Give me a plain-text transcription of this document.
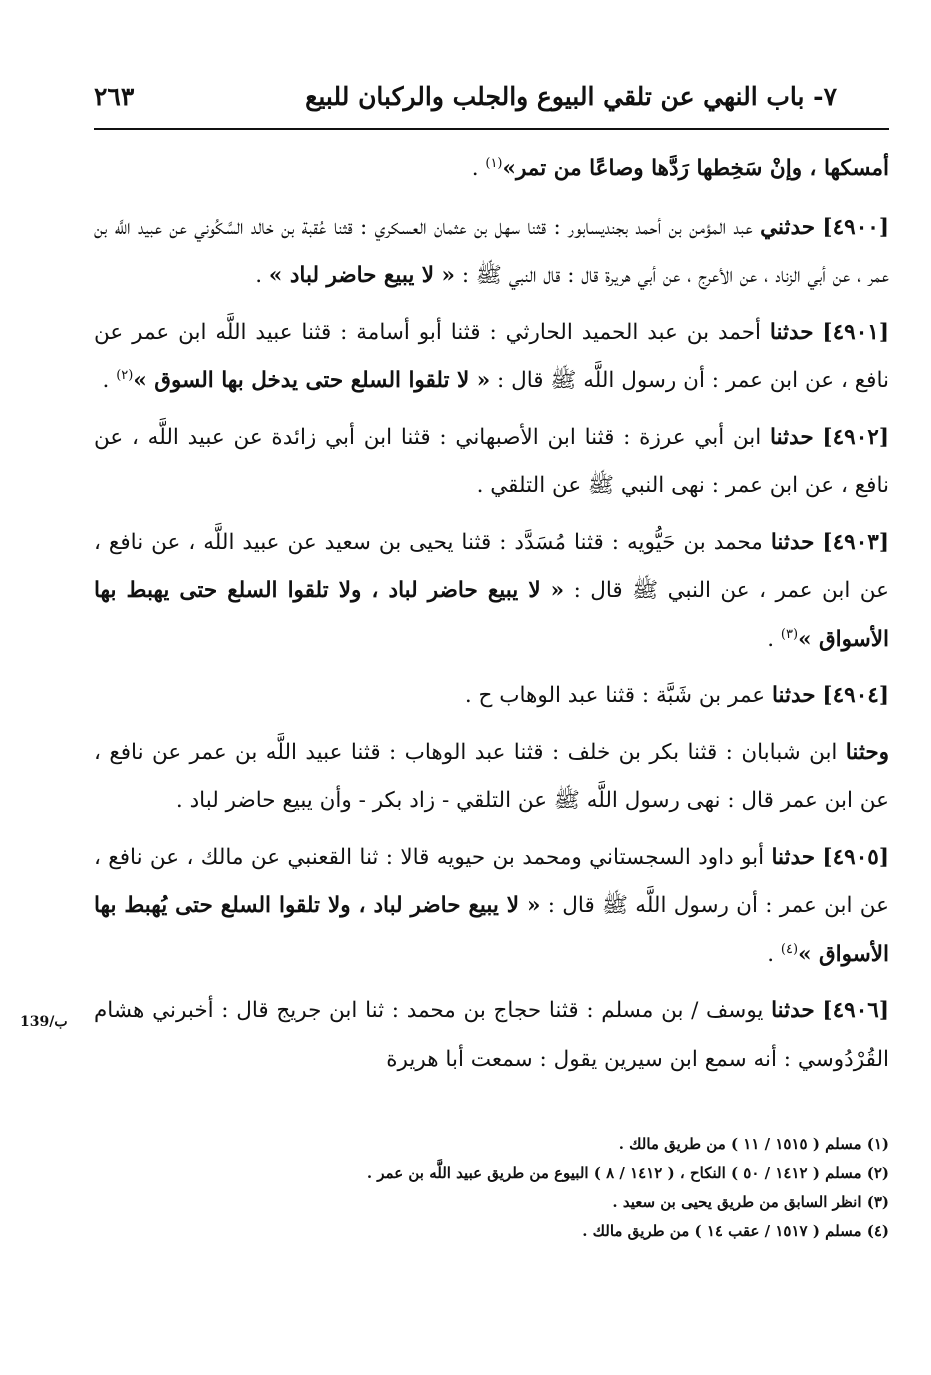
٧- باب النهي عن تلقي البيوع والجلب والركبان للبيع
٢٦٣
139/ب

أمسكها ، وإنْ سَخِطها رَدَّها وصاعًا من تمر»$^{(١)}$ .

[٤٩٠٠] حدثني عبد المؤمن بن أحمد بجنديسابور : قثنا سهل بن عثمان العسكري : قثنا عُقبة بن خالد السَّكُوني عن عبيد اللَّه بن عمر ، عن أبي الزناد ، عن الأعرج ، عن أبي هريرة قال : قال النبي ﷺ : « لا يبيع حاضر لباد » .

[٤٩٠١] حدثنا أحمد بن عبد الحميد الحارثي : قثنا أبو أسامة : قثنا عبيد اللَّه ابن عمر عن نافع ، عن ابن عمر : أن رسول اللَّه ﷺ قال : « لا تلقوا السلع حتى يدخل بها السوق »$^{(٢)}$ .

[٤٩٠٢] حدثنا ابن أبي عرزة : قثنا ابن الأصبهاني : قثنا ابن أبي زائدة عن عبيد اللَّه ، عن نافع ، عن ابن عمر : نهى النبي ﷺ عن التلقي .

[٤٩٠٣] حدثنا محمد بن حَيُّويه : قثنا مُسَدَّد : قثنا يحيى بن سعيد عن عبيد اللَّه ، عن نافع ، عن ابن عمر ، عن النبي ﷺ قال : « لا يبيع حاضر لباد ، ولا تلقوا السلع حتى يهبط بها الأسواق »$^{(٣)}$ .

[٤٩٠٤] حدثنا عمر بن شَبَّة : قثنا عبد الوهاب ح .

وحثنا ابن شبابان : قثنا بكر بن خلف : قثنا عبد الوهاب : قثنا عبيد اللَّه بن عمر عن نافع ، عن ابن عمر قال : نهى رسول اللَّه ﷺ عن التلقي - زاد بكر - وأن يبيع حاضر لباد .

[٤٩٠٥] حدثنا أبو داود السجستاني ومحمد بن حيويه قالا : ثنا القعنبي عن مالك ، عن نافع ، عن ابن عمر : أن رسول اللَّه ﷺ قال : « لا يبيع حاضر لباد ، ولا تلقوا السلع حتى يُهبط بها الأسواق »$^{(٤)}$ .

[٤٩٠٦] حدثنا يوسف / بن مسلم : قثنا حجاج بن محمد : ثنا ابن جريج قال : أخبرني هشام القُرْدُوسي : أنه سمع ابن سيرين يقول : سمعت أبا هريرة

(١) مسلم ( ١٥١٥ / ١١ ) من طريق مالك .

(٢) مسلم ( ١٤١٢ / ٥٠ ) النكاح ، ( ١٤١٢ / ٨ ) البيوع من طريق عبيد اللَّه بن عمر .

(٣) انظر السابق من طريق يحيى بن سعيد .

(٤) مسلم ( ١٥١٧ / عقب ١٤ ) من طريق مالك .
